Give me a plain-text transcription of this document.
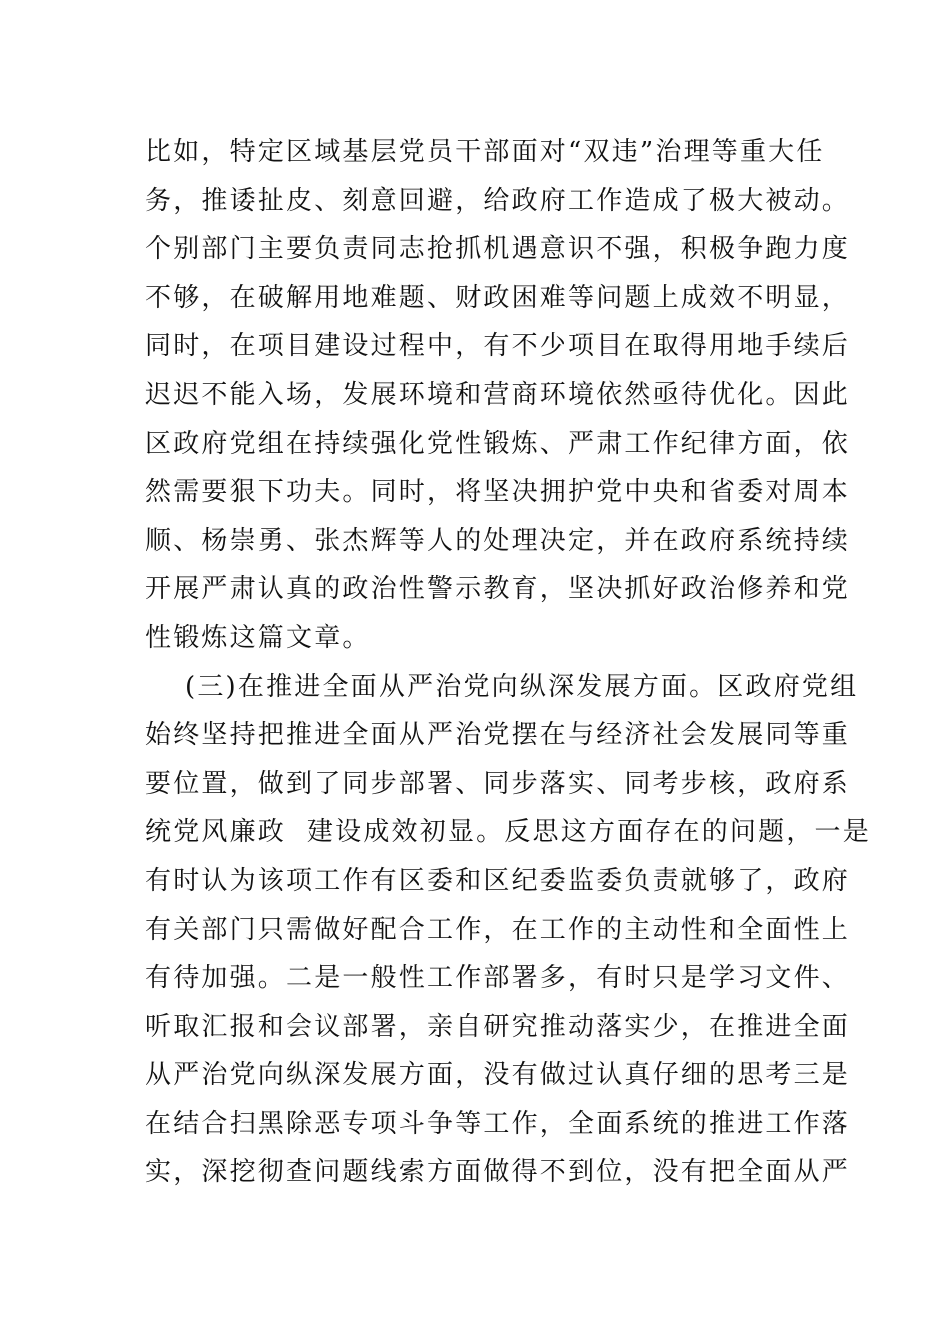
比如，特定区域基层党员干部面对“双违”治理等重大任
务，推诿扯皮、刻意回避，给政府工作造成了极大被动。
个别部门主要负责同志抢抓机遇意识不强，积极争跑力度
不够，在破解用地难题、财政困难等问题上成效不明显，
同时，在项目建设过程中，有不少项目在取得用地手续后
迟迟不能入场，发展环境和营商环境依然亟待优化。因此
区政府党组在持续强化党性锻炼、严肃工作纪律方面，依
然需要狠下功夫。同时，将坚决拥护党中央和省委对周本
顺、杨崇勇、张杰辉等人的处理决定，并在政府系统持续
开展严肃认真的政治性警示教育，坚决抓好政治修养和党
性锻炼这篇文章。
(三)在推进全面从严治党向纵深发展方面。区政府党组
始终坚持把推进全面从严治党摆在与经济社会发展同等重
要位置，做到了同步部署、同步落实、同考步核，政府系
统党风廉政  建设成效初显。反思这方面存在的问题，一是
有时认为该项工作有区委和区纪委监委负责就够了，政府
有关部门只需做好配合工作，在工作的主动性和全面性上
有待加强。二是一般性工作部署多，有时只是学习文件、
听取汇报和会议部署，亲自研究推动落实少，在推进全面
从严治党向纵深发展方面，没有做过认真仔细的思考三是
在结合扫黑除恶专项斗争等工作，全面系统的推进工作落
实，深挖彻查问题线索方面做得不到位，没有把全面从严
